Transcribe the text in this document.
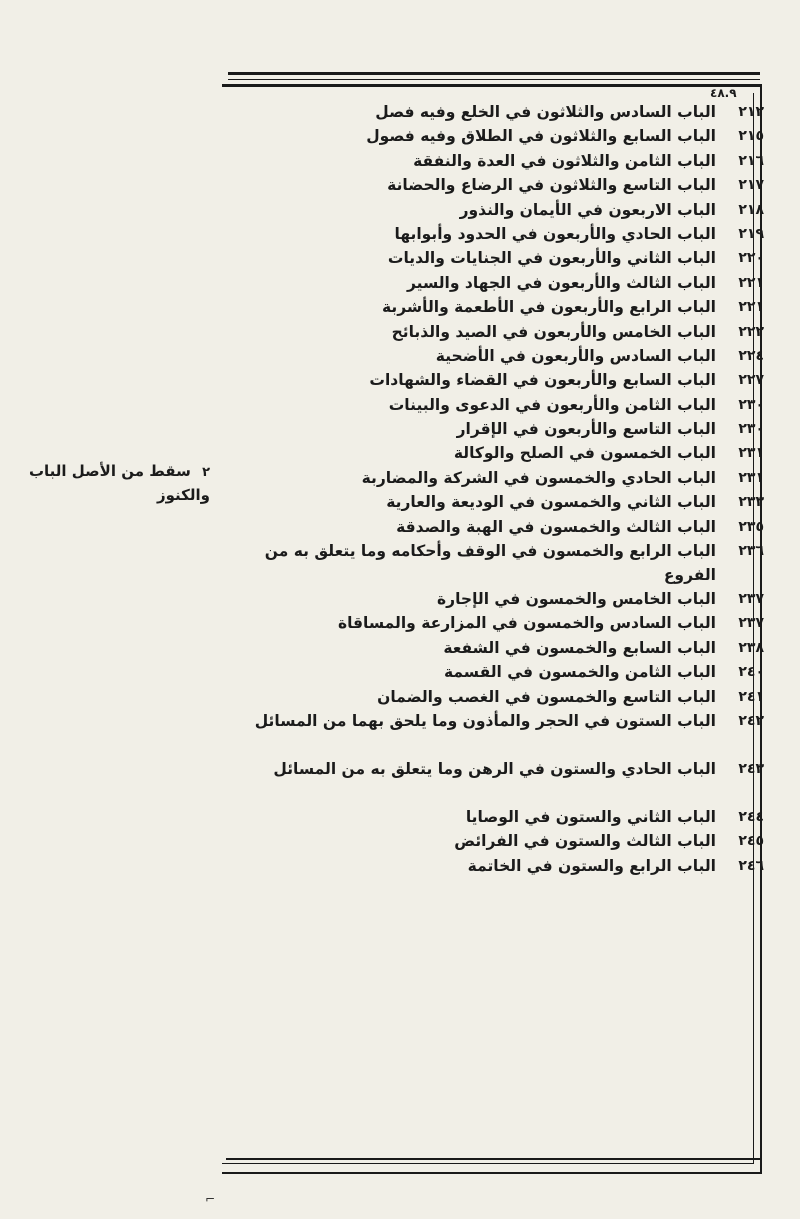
٤٨.٩
٢١٢
الباب السادس والثلاثون في الخلع وفيه فصل
٢١٥
الباب السابع والثلاثون في الطلاق وفيه فصول
٢١٦
الباب الثامن والثلاثون في العدة والنفقة
٢١٧
الباب التاسع والثلاثون في الرضاع والحضانة
٢١٨
الباب الاربعون في الأيمان والنذور
٢١٩
الباب الحادي والأربعون في الحدود وأبوابها
٢٢٠
الباب الثاني والأربعون في الجنايات والديات
٢٢١
الباب الثالث والأربعون في الجهاد والسير
٢٢١
الباب الرابع والأربعون في الأطعمة والأشربة
٢٢٢
الباب الخامس والأربعون في الصيد والذبائح
٢٢٤
الباب السادس والأربعون في الأضحية
٢٢٧
الباب السابع والأربعون في القضاء والشهادات
٢٣٠
الباب الثامن والأربعون في الدعوى والبينات
٢٣٠
الباب التاسع والأربعون في الإقرار
٢٣١
الباب الخمسون في الصلح والوكالة
٢٣١
الباب الحادي والخمسون في الشركة والمضاربة
٢٣٣
الباب الثاني والخمسون في الوديعة والعارية
٢٣٥
الباب الثالث والخمسون في الهبة والصدقة
٢٣٦
الباب الرابع والخمسون في الوقف وأحكامه وما يتعلق به من الفروع
٢٣٧
الباب الخامس والخمسون في الإجارة
٢٣٧
الباب السادس والخمسون في المزارعة والمساقاة
٢٣٨
الباب السابع والخمسون في الشفعة
٢٤٠
الباب الثامن والخمسون في القسمة
٢٤١
الباب التاسع والخمسون في الغصب والضمان
٢٤٢
الباب الستون في الحجر والمأذون وما يلحق بهما من المسائل
٢٤٣
الباب الحادي والستون في الرهن وما يتعلق به من المسائل
٢٤٤
الباب الثاني والستون في الوصايا
٢٤٥
الباب الثالث والستون في الفرائض
٢٤٦
الباب الرابع والستون في الخاتمة
٢ سقط من الأصل الباب والكنوز
⌐
